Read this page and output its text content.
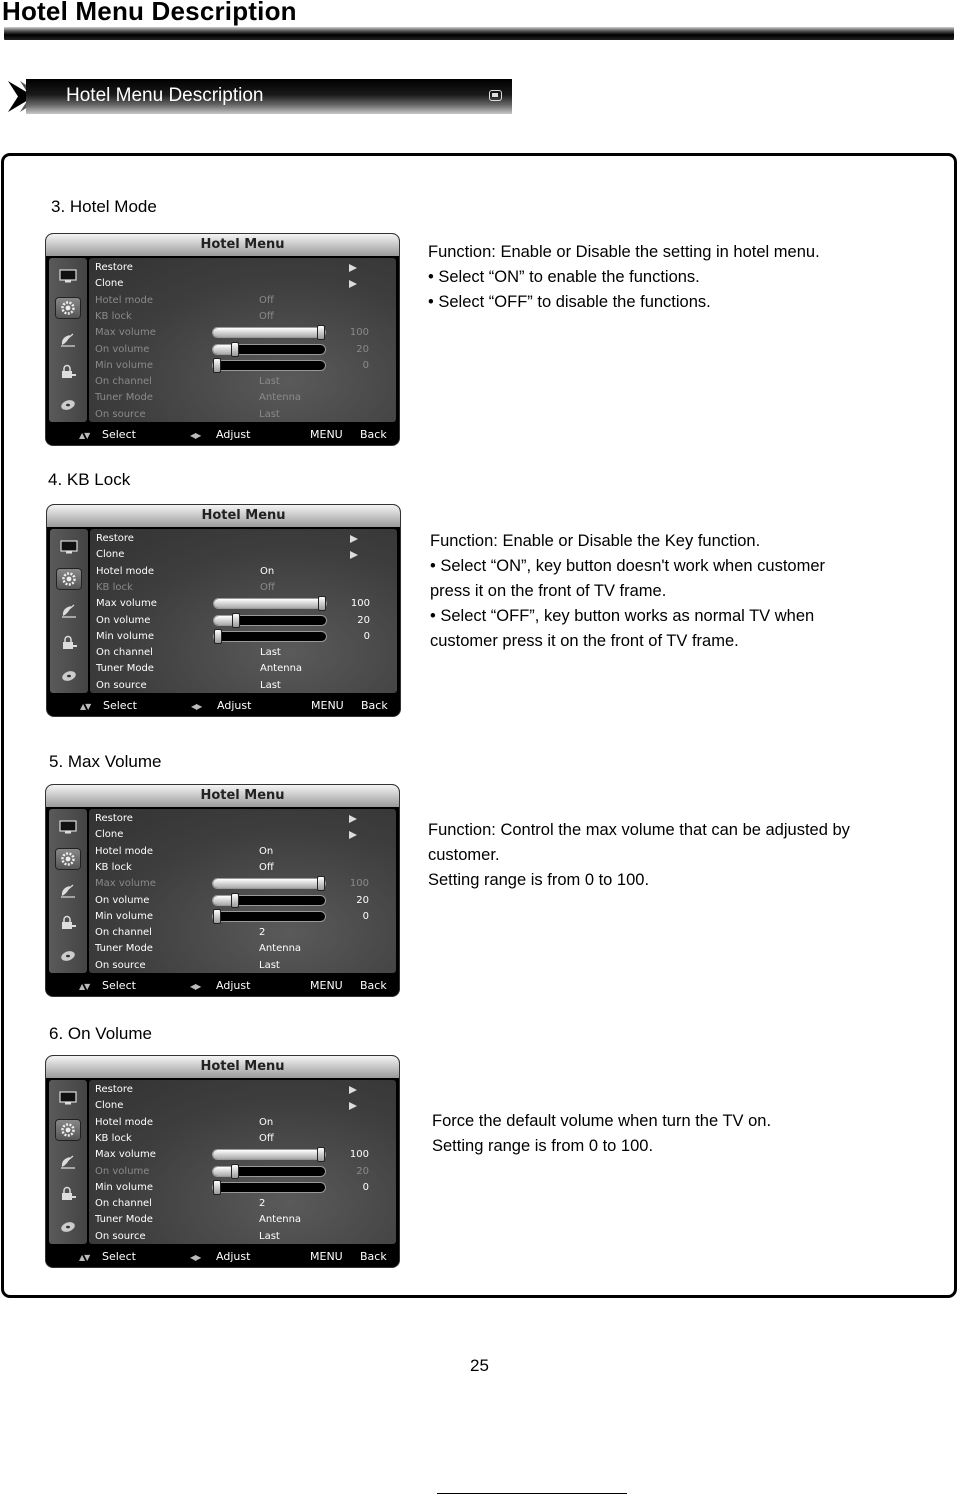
Hotel Menu Description
Hotel Menu Description
3. Hotel Mode
4. KB Lock
5. Max Volume
6. On Volume
Hotel Menu
Restore
Clone
Hotel mode	Off
KB lock	Off
Max volume	100
On volume	20
Min volume	0
On channel	Last
Tuner Mode	Antenna
On source	Last
▲▼ Select	◀▶ Adjust	MENU Back
Hotel Menu
Restore
Clone
Hotel mode	On
KB lock	Off
Max volume	100
On volume	20
Min volume	0
On channel	Last
Tuner Mode	Antenna
On source	Last
▲▼ Select	◀▶ Adjust	MENU Back
Hotel Menu
Restore
Clone
Hotel mode	On
KB lock	Off
Max volume	100
On volume	20
Min volume	0
On channel	2
Tuner Mode	Antenna
On source	Last
▲▼ Select	◀▶ Adjust	MENU Back
Hotel Menu
Restore
Clone
Hotel mode	On
KB lock	Off
Max volume	100
On volume	20
Min volume	0
On channel	2
Tuner Mode	Antenna
On source	Last
▲▼ Select	◀▶ Adjust	MENU Back
Function: Enable or Disable the setting in hotel menu.
• Select “ON” to enable the functions.
• Select “OFF” to disable the functions.
Function: Enable or Disable the Key function.
• Select “ON”, key button doesn't work when customer
press it on the front of TV frame.
• Select “OFF”, key button works as normal TV when
customer press it on the front of TV frame.
Function: Control the max volume that can be adjusted by
customer.
Setting range is from 0 to 100.
Force the default volume when turn the TV on.
Setting range is from 0 to 100.
25
